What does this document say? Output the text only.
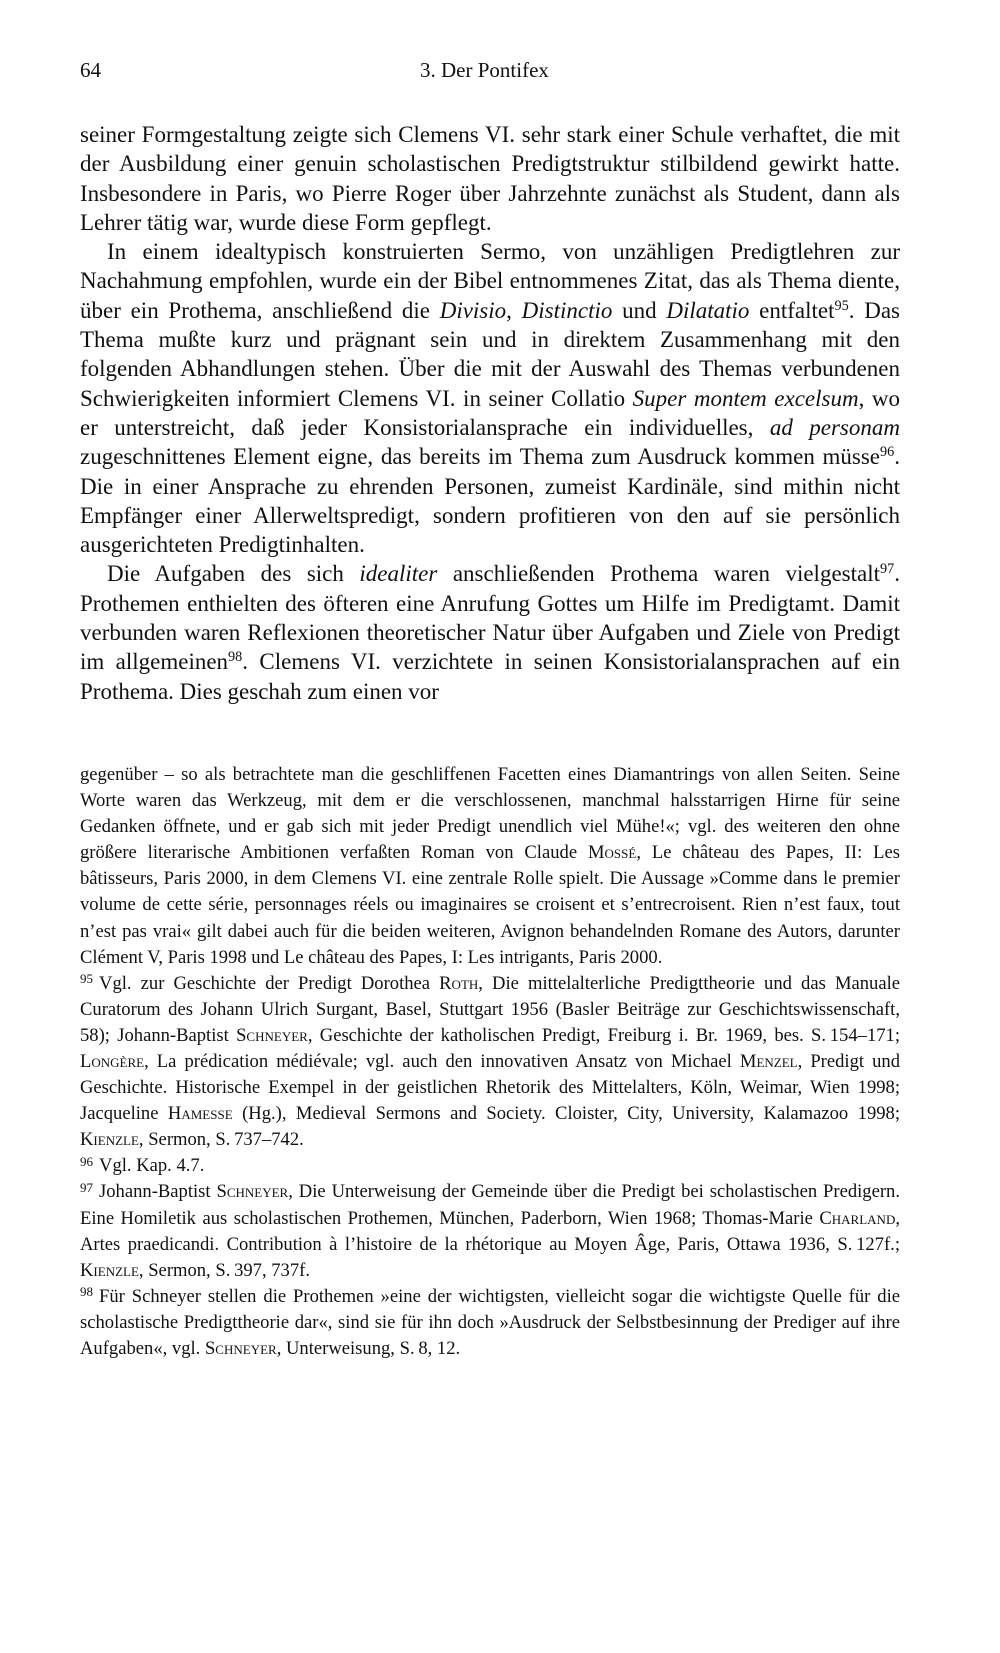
64	3. Der Pontifex

seiner Formgestaltung zeigte sich Clemens VI. sehr stark einer Schule verhaftet, die mit der Ausbildung einer genuin scholastischen Predigtstruktur stilbildend gewirkt hatte. Insbesondere in Paris, wo Pierre Roger über Jahrzehnte zunächst als Student, dann als Lehrer tätig war, wurde diese Form gepflegt.

In einem idealtypisch konstruierten Sermo, von unzähligen Predigtlehren zur Nachahmung empfohlen, wurde ein der Bibel entnommenes Zitat, das als Thema diente, über ein Prothema, anschließend die Divisio, Distinctio und Dilatatio entfaltet$^{95}$. Das Thema mußte kurz und prägnant sein und in direktem Zusammenhang mit den folgenden Abhandlungen stehen. Über die mit der Auswahl des Themas verbundenen Schwierigkeiten informiert Clemens VI. in seiner Collatio Super montem excelsum, wo er unterstreicht, daß jeder Konsistorialansprache ein individuelles, ad personam zugeschnittenes Element eigne, das bereits im Thema zum Ausdruck kommen müsse$^{96}$. Die in einer Ansprache zu ehrenden Personen, zumeist Kardinäle, sind mithin nicht Empfänger einer Allerweltspredigt, sondern profitieren von den auf sie persönlich ausgerichteten Predigtinhalten.

Die Aufgaben des sich idealiter anschließenden Prothema waren vielgestalt$^{97}$. Prothemen enthielten des öfteren eine Anrufung Gottes um Hilfe im Predigtamt. Damit verbunden waren Reflexionen theoretischer Natur über Aufgaben und Ziele von Predigt im allgemeinen$^{98}$. Clemens VI. verzichtete in seinen Konsistorialansprachen auf ein Prothema. Dies geschah zum einen vor

gegenüber – so als betrachtete man die geschliffenen Facetten eines Diamantrings von allen Seiten. Seine Worte waren das Werkzeug, mit dem er die verschlossenen, manchmal halsstarrigen Hirne für seine Gedanken öffnete, und er gab sich mit jeder Predigt unendlich viel Mühe!«; vgl. des weiteren den ohne größere literarische Ambitionen verfaßten Roman von Claude Mossé, Le château des Papes, II: Les bâtisseurs, Paris 2000, in dem Clemens VI. eine zentrale Rolle spielt. Die Aussage »Comme dans le premier volume de cette série, personnages réels ou imaginaires se croisent et s’entrecroisent. Rien n’est faux, tout n’est pas vrai« gilt dabei auch für die beiden weiteren, Avignon behandelnden Romane des Autors, darunter Clément V, Paris 1998 und Le château des Papes, I: Les intrigants, Paris 2000.

$^{95}$ Vgl. zur Geschichte der Predigt Dorothea Roth, Die mittelalterliche Predigttheorie und das Manuale Curatorum des Johann Ulrich Surgant, Basel, Stuttgart 1956 (Basler Beiträge zur Geschichtswissenschaft, 58); Johann-Baptist Schneyer, Geschichte der katholischen Predigt, Freiburg i. Br. 1969, bes. S. 154–171; Longère, La prédication médiévale; vgl. auch den innovativen Ansatz von Michael Menzel, Predigt und Geschichte. Historische Exempel in der geistlichen Rhetorik des Mittelalters, Köln, Weimar, Wien 1998; Jacqueline Hamesse (Hg.), Medieval Sermons and Society. Cloister, City, University, Kalamazoo 1998; Kienzle, Sermon, S. 737–742.

$^{96}$ Vgl. Kap. 4.7.

$^{97}$ Johann-Baptist Schneyer, Die Unterweisung der Gemeinde über die Predigt bei scholastischen Predigern. Eine Homiletik aus scholastischen Prothemen, München, Paderborn, Wien 1968; Thomas-Marie Charland, Artes praedicandi. Contribution à l’histoire de la rhétorique au Moyen Âge, Paris, Ottawa 1936, S. 127f.; Kienzle, Sermon, S. 397, 737f.

$^{98}$ Für Schneyer stellen die Prothemen »eine der wichtigsten, vielleicht sogar die wichtigste Quelle für die scholastische Predigttheorie dar«, sind sie für ihn doch »Ausdruck der Selbstbesinnung der Prediger auf ihre Aufgaben«, vgl. Schneyer, Unterweisung, S. 8, 12.
